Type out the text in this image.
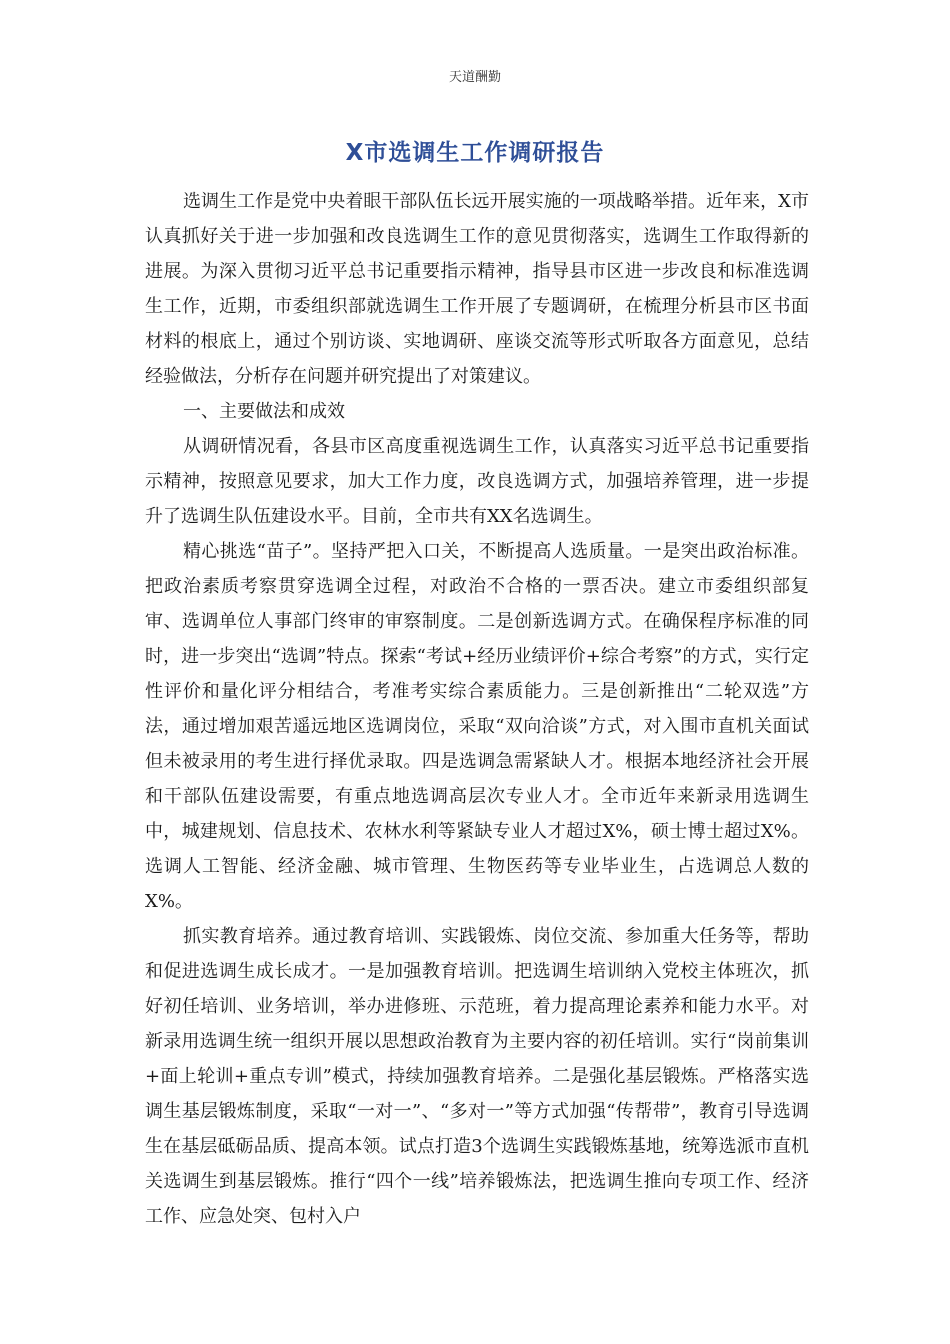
天道酬勤
X市选调生工作调研报告

选调生工作是党中央着眼干部队伍长远开展实施的一项战略举措。近年来，X市认真抓好关于进一步加强和改良选调生工作的意见贯彻落实，选调生工作取得新的进展。为深入贯彻习近平总书记重要指示精神，指导县市区进一步改良和标准选调生工作，近期，市委组织部就选调生工作开展了专题调研，在梳理分析县市区书面材料的根底上，通过个别访谈、实地调研、座谈交流等形式听取各方面意见，总结经验做法，分析存在问题并研究提出了对策建议。

一、主要做法和成效

从调研情况看，各县市区高度重视选调生工作，认真落实习近平总书记重要指示精神，按照意见要求，加大工作力度，改良选调方式，加强培养管理，进一步提升了选调生队伍建设水平。目前，全市共有XX名选调生。

精心挑选“苗子”。坚持严把入口关，不断提高人选质量。一是突出政治标准。把政治素质考察贯穿选调全过程，对政治不合格的一票否决。建立市委组织部复审、选调单位人事部门终审的审察制度。二是创新选调方式。在确保程序标准的同时，进一步突出“选调”特点。探索“考试+经历业绩评价+综合考察”的方式，实行定性评价和量化评分相结合，考准考实综合素质能力。三是创新推出“二轮双选”方法，通过增加艰苦遥远地区选调岗位，采取“双向洽谈”方式，对入围市直机关面试但未被录用的考生进行择优录取。四是选调急需紧缺人才。根据本地经济社会开展和干部队伍建设需要，有重点地选调高层次专业人才。全市近年来新录用选调生中，城建规划、信息技术、农林水利等紧缺专业人才超过X%，硕士博士超过X%。选调人工智能、经济金融、城市管理、生物医药等专业毕业生，占选调总人数的X%。

抓实教育培养。通过教育培训、实践锻炼、岗位交流、参加重大任务等，帮助和促进选调生成长成才。一是加强教育培训。把选调生培训纳入党校主体班次，抓好初任培训、业务培训，举办进修班、示范班，着力提高理论素养和能力水平。对新录用选调生统一组织开展以思想政治教育为主要内容的初任培训。实行“岗前集训+面上轮训+重点专训”模式，持续加强教育培养。二是强化基层锻炼。严格落实选调生基层锻炼制度，采取“一对一”、“多对一”等方式加强“传帮带”，教育引导选调生在基层砥砺品质、提高本领。试点打造3个选调生实践锻炼基地，统筹选派市直机关选调生到基层锻炼。推行“四个一线”培养锻炼法，把选调生推向专项工作、经济工作、应急处突、包村入户
